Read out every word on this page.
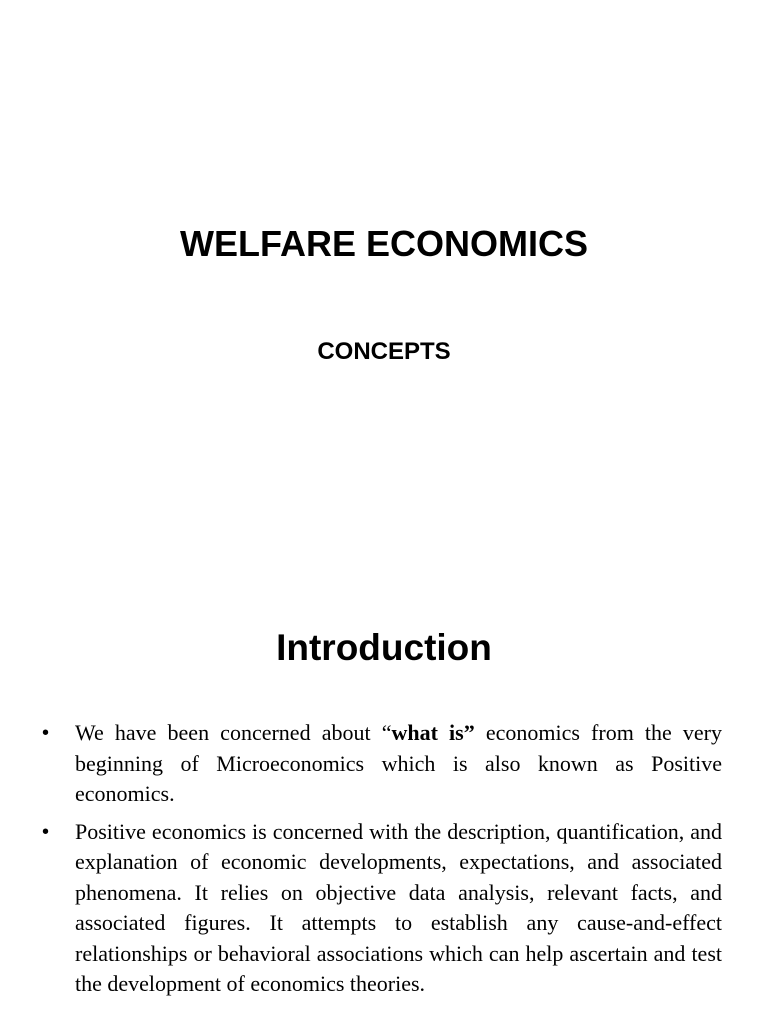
WELFARE ECONOMICS
CONCEPTS
Introduction
• We have been concerned about “what is” economics from the very beginning of Microeconomics which is also known as Positive economics.
• Positive economics is concerned with the description, quantification, and explanation of economic developments, expectations, and associated phenomena. It relies on objective data analysis, relevant facts, and associated figures. It attempts to establish any cause-and-effect relationships or behavioral associations which can help ascertain and test the development of economics theories.
